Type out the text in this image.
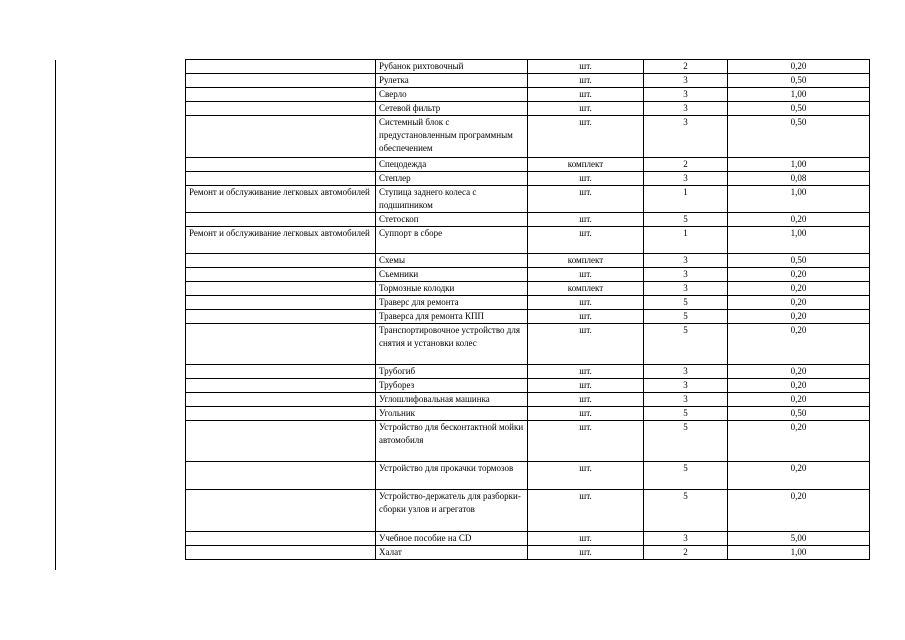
	Рубанок рихтовочный	шт.	2	0,20
	Рулетка	шт.	3	0,50
	Сверло	шт.	3	1,00
	Сетевой фильтр	шт.	3	0,50
	Системный блок с предустановленным программным обеспечением	шт.	3	0,50
	Спецодежда	комплект	2	1,00
	Степлер	шт.	3	0,08
Ремонт и обслуживание легковых автомобилей	Ступица заднего колеса с подшипником	шт.	1	1,00
	Стетоскоп	шт.	5	0,20
Ремонт и обслуживание легковых автомобилей	Суппорт в сборе	шт.	1	1,00
	Схемы	комплект	3	0,50
	Съемники	шт.	3	0,20
	Тормозные колодки	комплект	3	0,20
	Траверс для ремонта	шт.	5	0,20
	Траверса для ремонта КПП	шт.	5	0,20
	Транспортировочное устройство для снятия и установки колес	шт.	5	0,20
	Трубогиб	шт.	3	0,20
	Труборез	шт.	3	0,20
	Углошлифовальная машинка	шт.	3	0,20
	Угольник	шт.	5	0,50
	Устройство для бесконтактной мойки автомобиля	шт.	5	0,20
	Устройство для прокачки тормозов	шт.	5	0,20
	Устройство-держатель для разборки-сборки узлов и агрегатов	шт.	5	0,20
	Учебное пособие на CD	шт.	3	5,00
	Халат	шт.	2	1,00
